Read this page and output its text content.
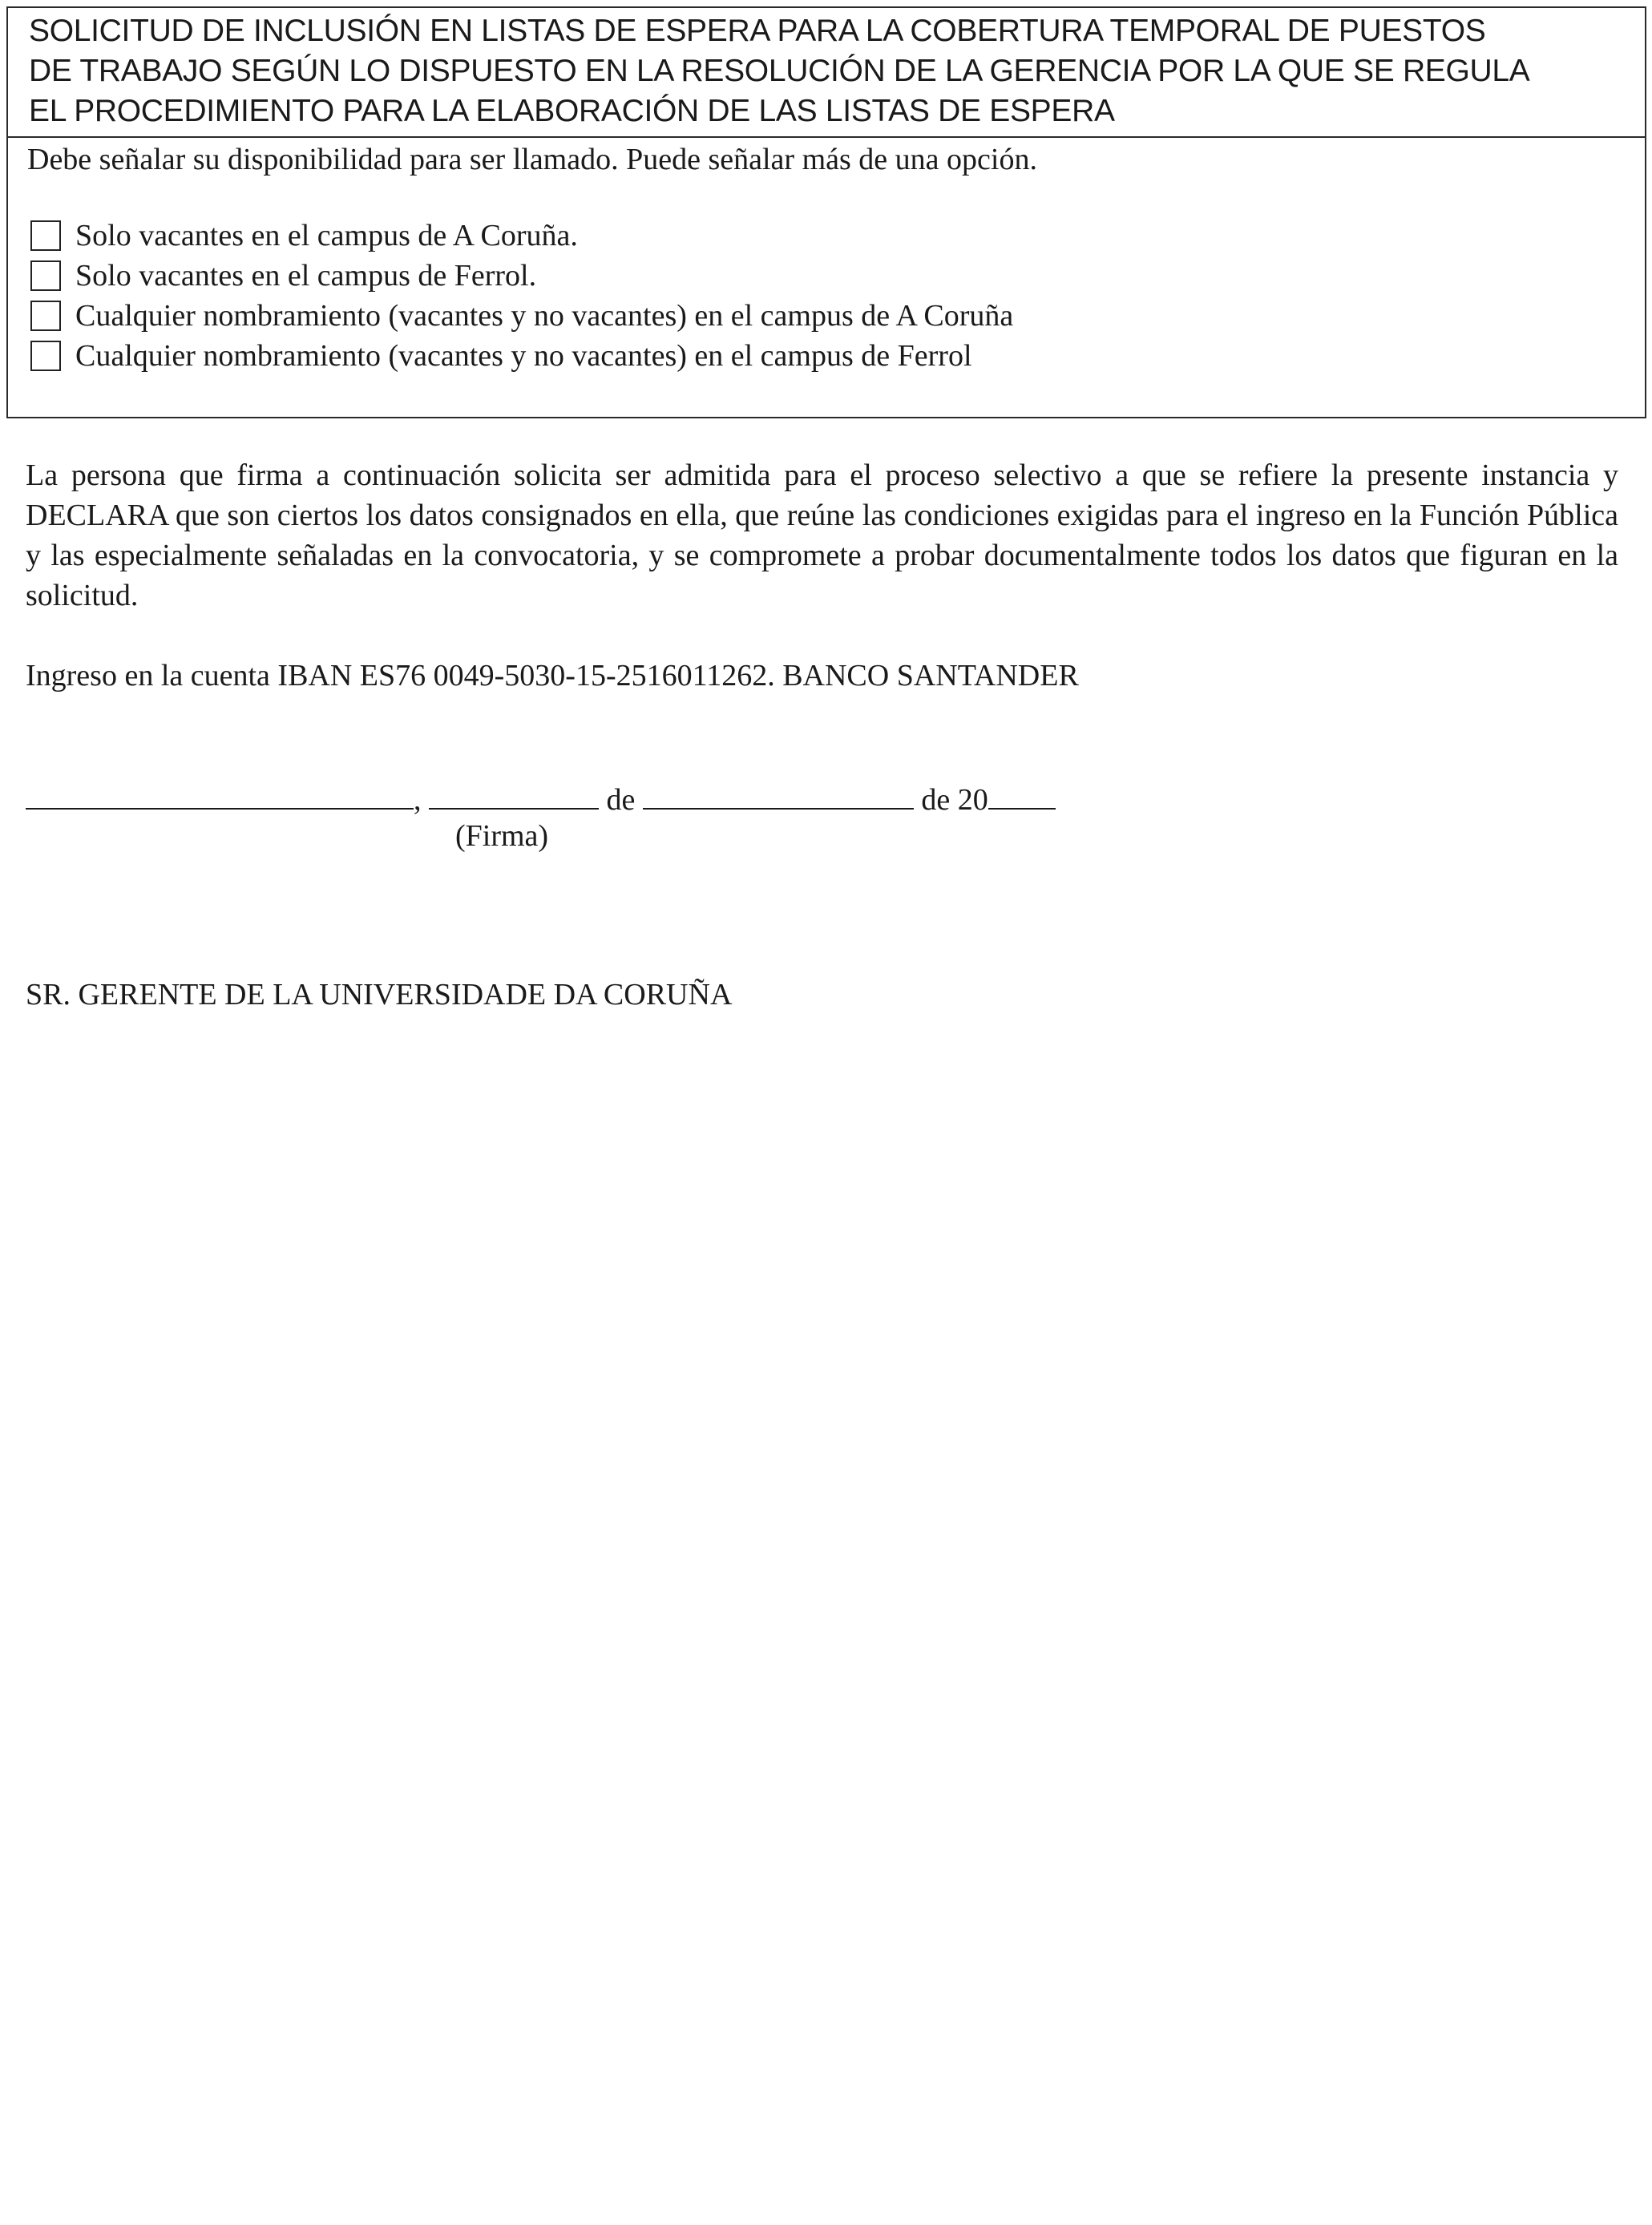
SOLICITUD DE INCLUSIÓN EN LISTAS DE ESPERA PARA LA COBERTURA TEMPORAL DE PUESTOS
DE TRABAJO SEGÚN LO DISPUESTO EN LA RESOLUCIÓN DE LA GERENCIA POR LA QUE SE REGULA
EL PROCEDIMIENTO PARA LA ELABORACIÓN DE LAS LISTAS DE ESPERA
Debe señalar su disponibilidad para ser llamado. Puede señalar más de una opción.
Solo vacantes en el campus de A Coruña.
Solo vacantes en el campus de Ferrol.
Cualquier nombramiento (vacantes y no vacantes) en el campus de A Coruña
Cualquier nombramiento (vacantes y no vacantes) en el campus de Ferrol

La persona que firma a continuación solicita ser admitida para el proceso selectivo a que se refiere la presente instancia y DECLARA que son ciertos los datos consignados en ella, que reúne las condiciones exigidas para el ingreso en la Función Pública y las especialmente señaladas en la convocatoria, y se compromete a probar documentalmente todos los datos que figuran en la solicitud.

Ingreso en la cuenta IBAN ES76 0049-5030-15-2516011262. BANCO SANTANDER

,	de	de 20
(Firma)
SR. GERENTE DE LA UNIVERSIDADE DA CORUÑA
